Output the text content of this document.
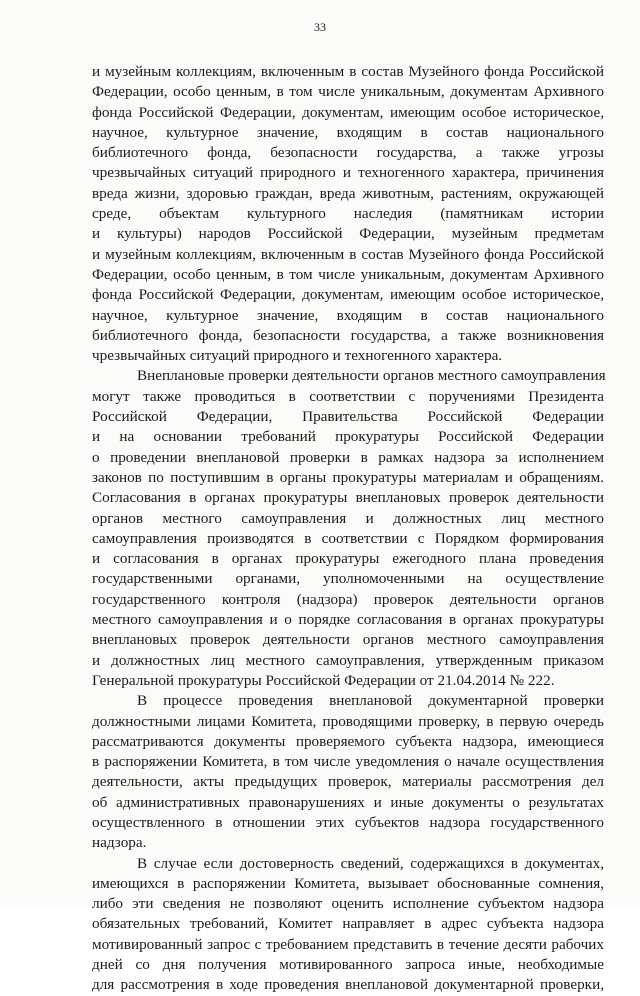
33
и музейным коллекциям, включенным в состав Музейного фонда Российской
Федерации, особо ценным, в том числе уникальным, документам Архивного
фонда Российской Федерации, документам, имеющим особое историческое,
научное, культурное значение, входящим в состав национального
библиотечного фонда, безопасности государства, а также угрозы
чрезвычайных ситуаций природного и техногенного характера, причинения
вреда жизни, здоровью граждан, вреда животным, растениям, окружающей
среде, объектам культурного наследия (памятникам истории
и культуры) народов Российской Федерации, музейным предметам
и музейным коллекциям, включенным в состав Музейного фонда Российской
Федерации, особо ценным, в том числе уникальным, документам Архивного
фонда Российской Федерации, документам, имеющим особое историческое,
научное, культурное значение, входящим в состав национального
библиотечного фонда, безопасности государства, а также возникновения
чрезвычайных ситуаций природного и техногенного характера.
Внеплановые проверки деятельности органов местного самоуправления
могут также проводиться в соответствии с поручениями Президента
Российской Федерации, Правительства Российской Федерации
и на основании требований прокуратуры Российской Федерации
о проведении внеплановой проверки в рамках надзора за исполнением
законов по поступившим в органы прокуратуры материалам и обращениям.
Согласования в органах прокуратуры внеплановых проверок деятельности
органов местного самоуправления и должностных лиц местного
самоуправления производятся в соответствии с Порядком формирования
и согласования в органах прокуратуры ежегодного плана проведения
государственными органами, уполномоченными на осуществление
государственного контроля (надзора) проверок деятельности органов
местного самоуправления и о порядке согласования в органах прокуратуры
внеплановых проверок деятельности органов местного самоуправления
и должностных лиц местного самоуправления, утвержденным приказом
Генеральной прокуратуры Российской Федерации от 21.04.2014 № 222.
В процессе проведения внеплановой документарной проверки
должностными лицами Комитета, проводящими проверку, в первую очередь
рассматриваются документы проверяемого субъекта надзора, имеющиеся
в распоряжении Комитета, в том числе уведомления о начале осуществления
деятельности, акты предыдущих проверок, материалы рассмотрения дел
об административных правонарушениях и иные документы о результатах
осуществленного в отношении этих субъектов надзора государственного
надзора.
В случае если достоверность сведений, содержащихся в документах,
имеющихся в распоряжении Комитета, вызывает обоснованные сомнения,
либо эти сведения не позволяют оценить исполнение субъектом надзора
обязательных требований, Комитет направляет в адрес субъекта надзора
мотивированный запрос с требованием представить в течение десяти рабочих
дней со дня получения мотивированного запроса иные, необходимые
для рассмотрения в ходе проведения внеплановой документарной проверки,
